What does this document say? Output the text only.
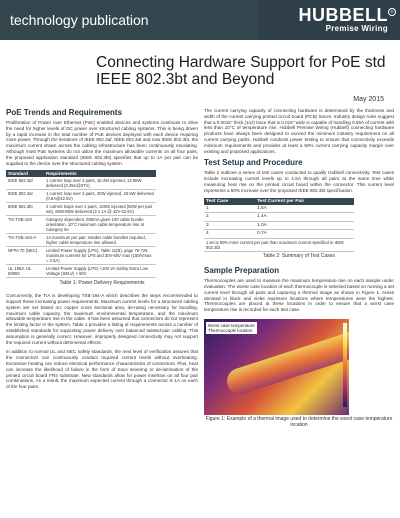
technology publication	HUBBELL
Premise Wiring
®
Connecting Hardware Support for PoE std IEEE 802.3bt and Beyond
May 2015
PoE Trends and Requirements

Proliferation of Power over Ethernet (PoE) enabled devices and systems continues to drive the need for higher levels of DC power over structured cabling systems. This is being driven by a rapid increase in the total number of PoE devices deployed with each device requiring more power. Through the iterations of IEEE 802.3af, IEEE 802.3at and now IEEE 802.3bt, the maximum current drawn across the cabling infrastructure has been continuously escalating. Although most PoE systems do not utilize the maximum allowable currents on all four pairs, the proposed application standard (IEEE 802.3bt) specifies that up to 1A per pair can be supplied to the device over the structured cabling system.

Standard	Requirements
IEEE 802.3af	1 current loop over 2 pairs, 15.4W injected, 12.95W delivered (0.35A@37V)
IEEE 802.3at	1 current loop over 2 pairs, 30W injected, 25.5W delivered (0.6A@42.5V)
IEEE 802.3bt	2 current loops over 4 pairs, 100W injected (50W per pair set), 80W-85W delivered (2 x 1A @ 42V-42.5V)
TIA TSB-184	Category dependent, 600mA given 100 cable bundle orientation, 10°C maximum cable temperature rise at Category 5e
TIA TSB-184-A	1A maximum per pair, smaller cable bundles required, higher cable temperature rise allowed
NFPA 70 (NEC)	Limited Power Supply (LPS), Table 11(B), page 70-725 maximum currents for LPS and 30V-60V max (150/Vmax = 2.5A)
UL 1863, UL 60950	Limited Power Supply (LPS) <100 VA Safety Extra Low Voltage (SELV) < 60V
Table 1: Power Delivery Requirements

Concurrently, the TIA is developing TSB-184-A which describes the steps recommended to support these increasing power requirements. Maximum current levels for a structured cabling system are set based on; copper cross sectional area, de-rating necessary for bundling, maximum cable capacity, the maximum environmental temperature, and the maximum allowable temperature rise in the cable. It has been assumed that connectors do not represent the limiting factor in the system. Table 1 provides a listing of requirements across a number of established standards for supporting power delivery over balanced twisted-pair cabling. This assumption is generally correct. However, improperly designed connectivity may not support the required current without detrimental effects.

In addition to normal UL and NEC safety standards, the next level of verification assures that the connectors can continuously conduct required current levels without overheating. Excessive heating can reduce electrical performance characteristics of connectors. Plus, heat can increase the likelihood of failure in the form of trace severing or de-lamination of the printed circuit board FR4 substrate. New standards allow for power insertion on all four pair combinations. As a result, the maximum expected current through a connector is 1A on each of the four pairs.

The current carrying capacity of connecting hardware is determined by the thickness and width of the current carrying printed circuit board (PCB) traces. Industry design rules suggest that a 0.0015" thick (1oz) trace that is 0.015" wide is capable of handling 0.55A of current with less than 10°C of temperature rise. Hubbell Premise Wiring (Hubbell) connecting hardware products have always been designed to exceed the minimum industry requirement on all current carrying paths. Hubbell conducts power testing to ensure that connectivity exceeds minimum requirements and provides at least a 50% current carrying capacity margin over existing and proposed applications.

Test Setup and Procedure

Table 2 outlines a series of test cases conducted to qualify Hubbell connectivity. Test cases include increasing current levels up to 1.5A through all pairs at the same time while measuring heat rise on the printed circuit board within the connector. This current level represents a 50% increase over the proposed IEEE 802.3bt specification.

Test Case	Test Current per Pair
1	1.5A
2	1.4A
3	1.0A
4	0.7A
1.5A is 50% more current per pair than maximum current specified in IEEE 802.3bt	
Table 2: Summary of Test Cases
Sample Preparation

Thermocouples are used to measure the maximum temperature rise on each sample under evaluation. The worse case location of each thermocouple is selected based on running a set current level through all pairs and capturing a thermal image as shown in Figure 1. Areas denoted in black and violet represent locations where temperatures were the highest. Thermocouples are placed at these locations in order to ensure that a worst case temperature rise is recorded for each test case.

Worst case temperature
Thermocouple location
Figure 1: Example of a thermal image used to determine the worst case temperature location
